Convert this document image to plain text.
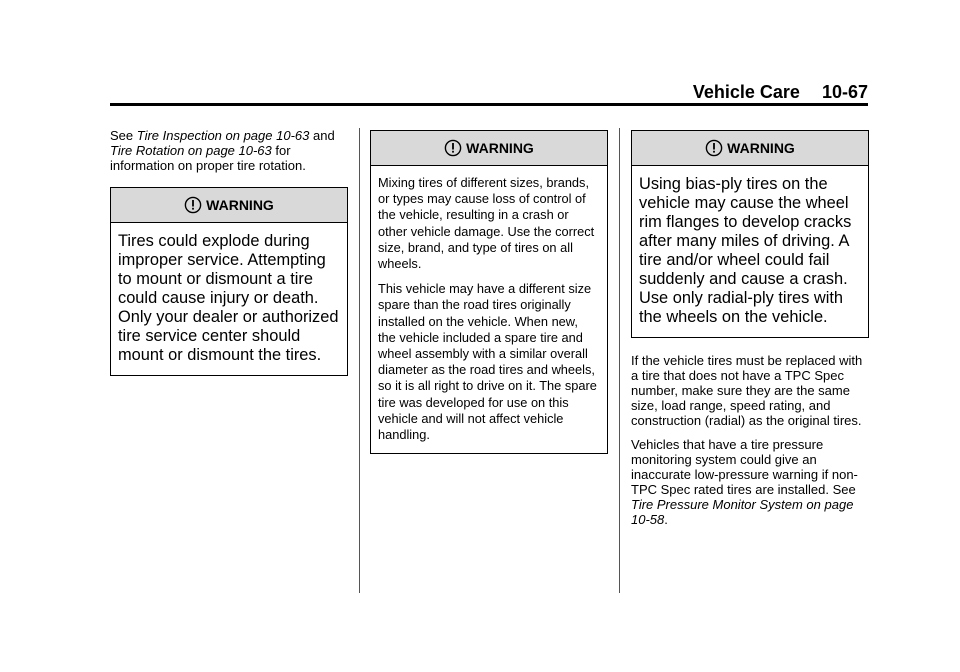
Vehicle Care 10-67

See Tire Inspection on page 10-63 and Tire Rotation on page 10-63 for information on proper tire rotation.

WARNING

Tires could explode during improper service. Attempting to mount or dismount a tire could cause injury or death. Only your dealer or authorized tire service center should mount or dismount the tires.

WARNING

Mixing tires of different sizes, brands, or types may cause loss of control of the vehicle, resulting in a crash or other vehicle damage. Use the correct size, brand, and type of tires on all wheels.

This vehicle may have a different size spare than the road tires originally installed on the vehicle. When new, the vehicle included a spare tire and wheel assembly with a similar overall diameter as the road tires and wheels, so it is all right to drive on it. The spare tire was developed for use on this vehicle and will not affect vehicle handling.

WARNING

Using bias-ply tires on the vehicle may cause the wheel rim flanges to develop cracks after many miles of driving. A tire and/or wheel could fail suddenly and cause a crash. Use only radial-ply tires with the wheels on the vehicle.

If the vehicle tires must be replaced with a tire that does not have a TPC Spec number, make sure they are the same size, load range, speed rating, and construction (radial) as the original tires.

Vehicles that have a tire pressure monitoring system could give an inaccurate low-pressure warning if non-TPC Spec rated tires are installed. See Tire Pressure Monitor System on page 10-58.
